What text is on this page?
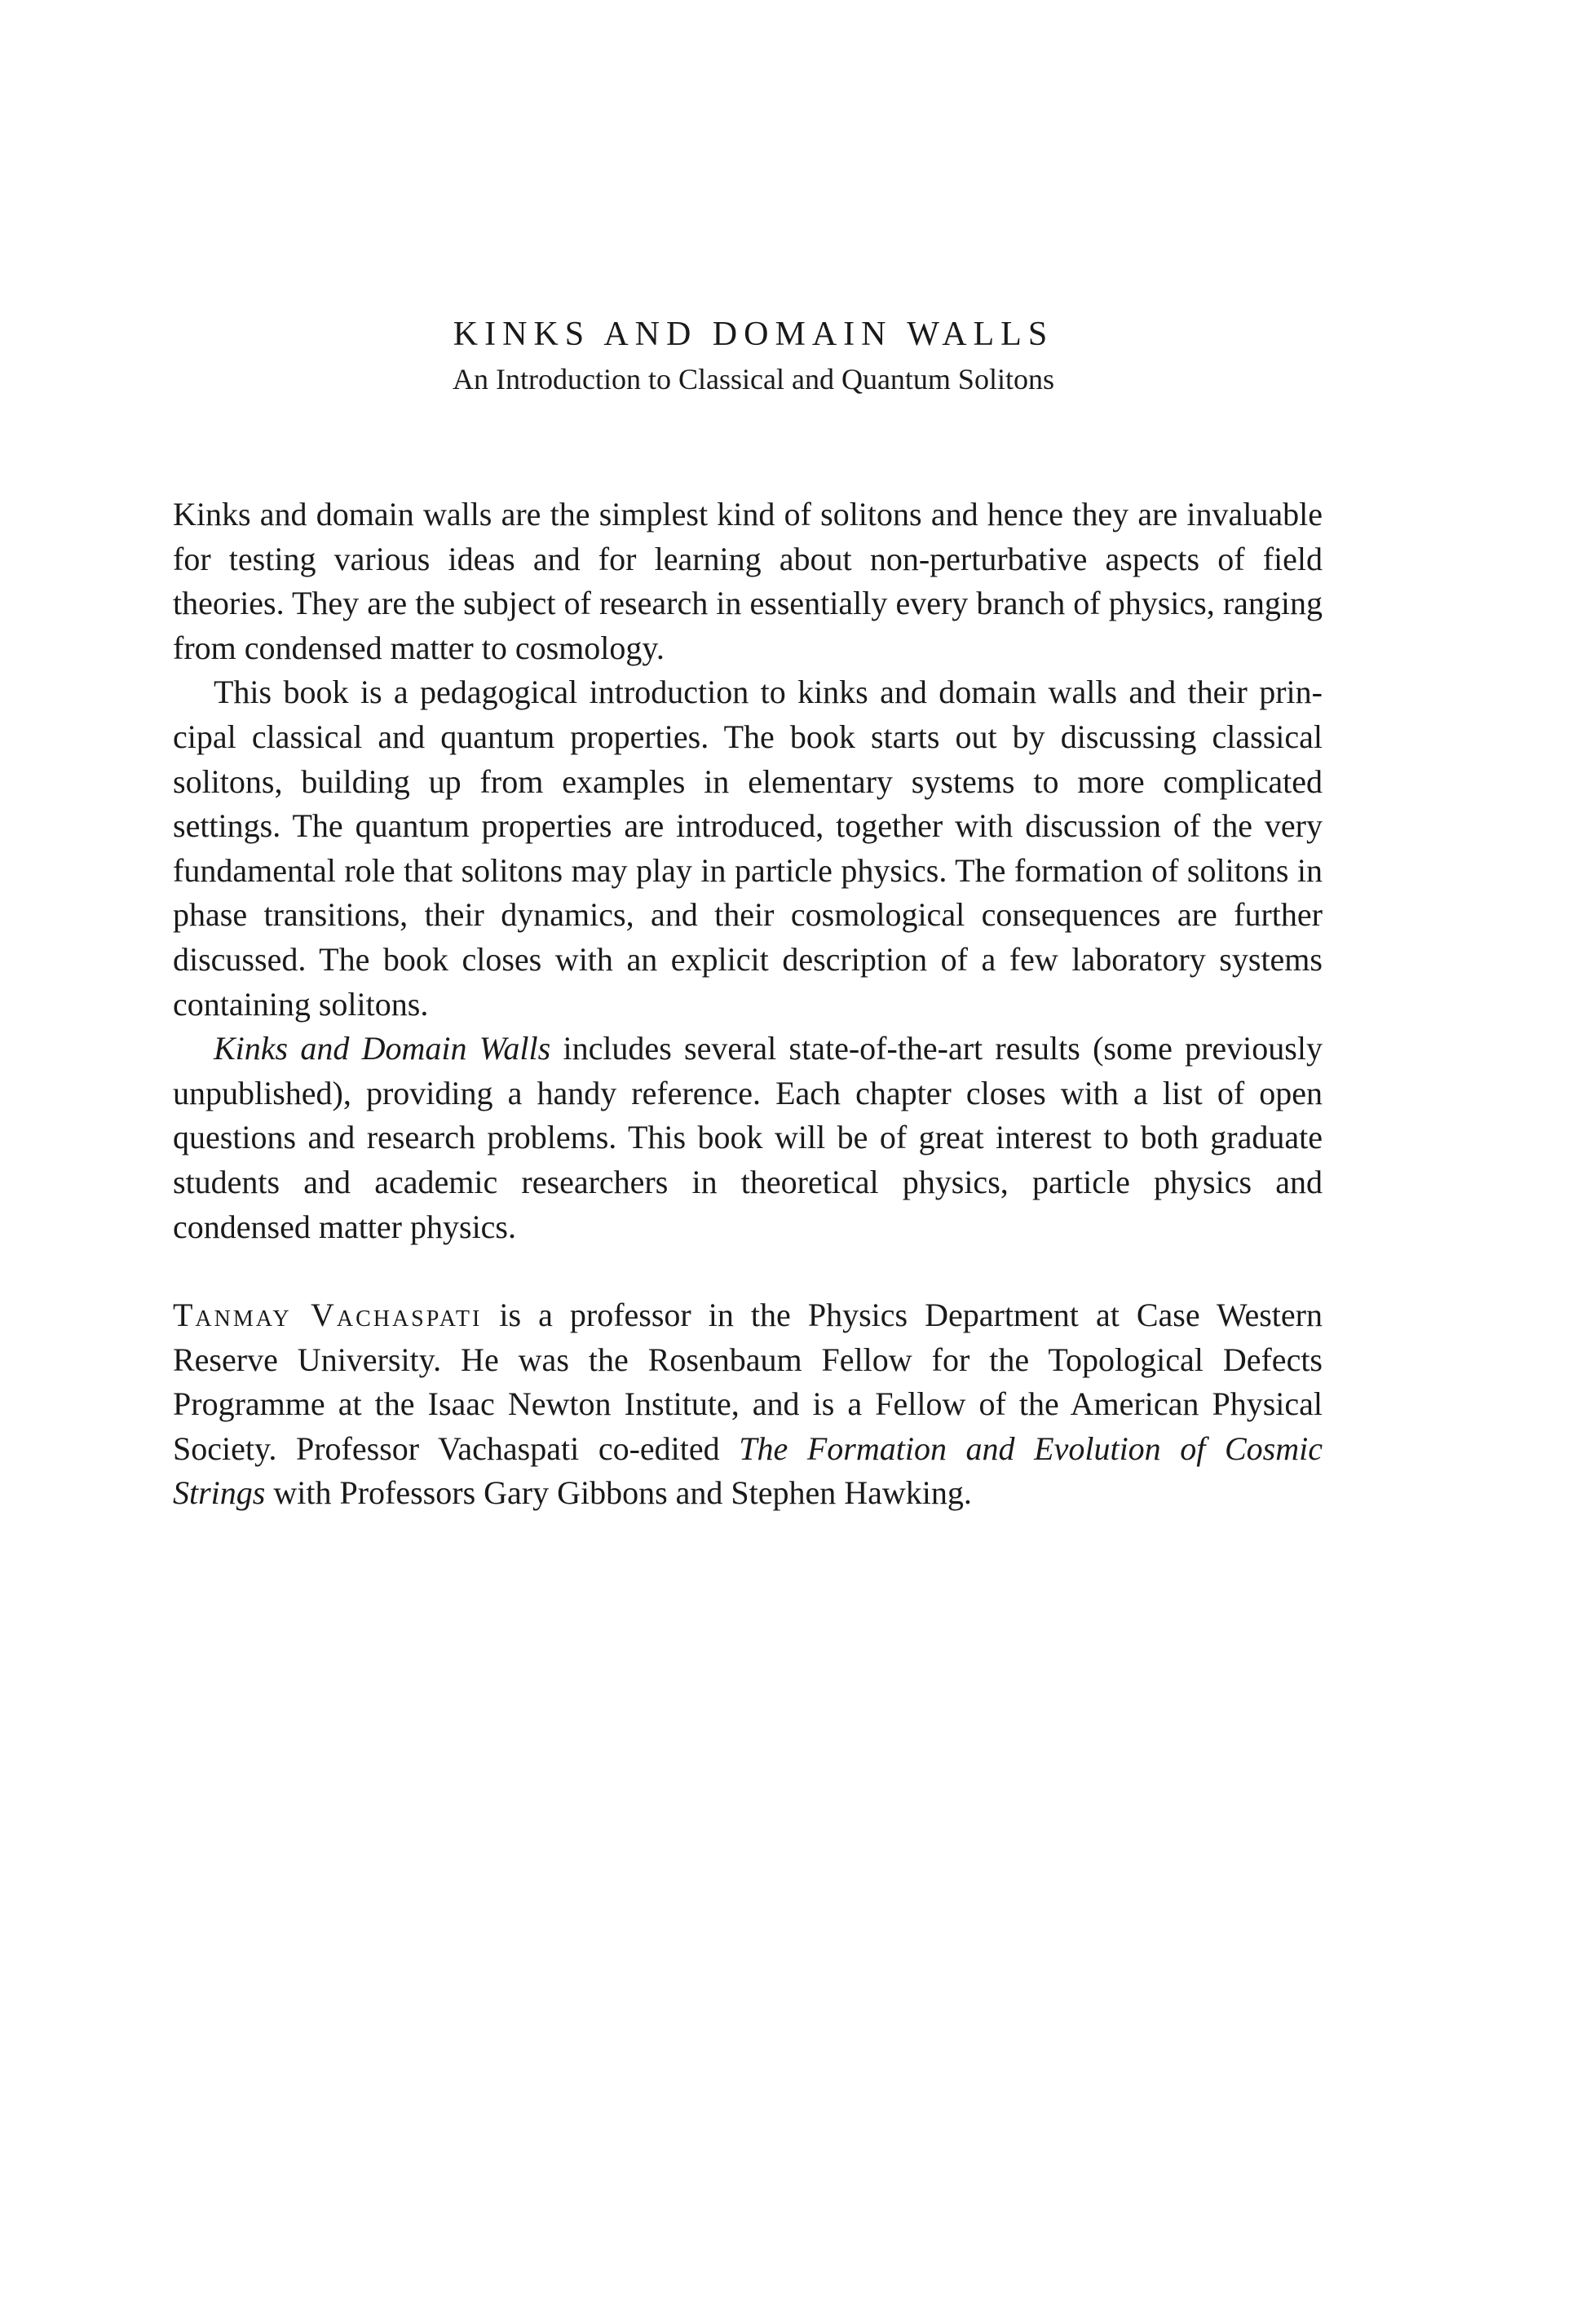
KINKS AND DOMAIN WALLS

An Introduction to Classical and Quantum Solitons

Kinks and domain walls are the simplest kind of solitons and hence they are invaluable for testing various ideas and for learning about non-perturbative aspects of field theories. They are the subject of research in essentially every branch of physics, ranging from condensed matter to cosmology.

This book is a pedagogical introduction to kinks and domain walls and their principal classical and quantum properties. The book starts out by discussing classical solitons, building up from examples in elementary systems to more complicated settings. The quantum properties are introduced, together with discussion of the very fundamental role that solitons may play in particle physics. The formation of solitons in phase transitions, their dynamics, and their cosmological consequences are further discussed. The book closes with an explicit description of a few laboratory systems containing solitons.

Kinks and Domain Walls includes several state-of-the-art results (some previously unpublished), providing a handy reference. Each chapter closes with a list of open questions and research problems. This book will be of great interest to both graduate students and academic researchers in theoretical physics, particle physics and condensed matter physics.

Tanmay Vachaspati is a professor in the Physics Department at Case Western Reserve University. He was the Rosenbaum Fellow for the Topological Defects Programme at the Isaac Newton Institute, and is a Fellow of the American Physical Society. Professor Vachaspati co-edited The Formation and Evolution of Cosmic Strings with Professors Gary Gibbons and Stephen Hawking.
